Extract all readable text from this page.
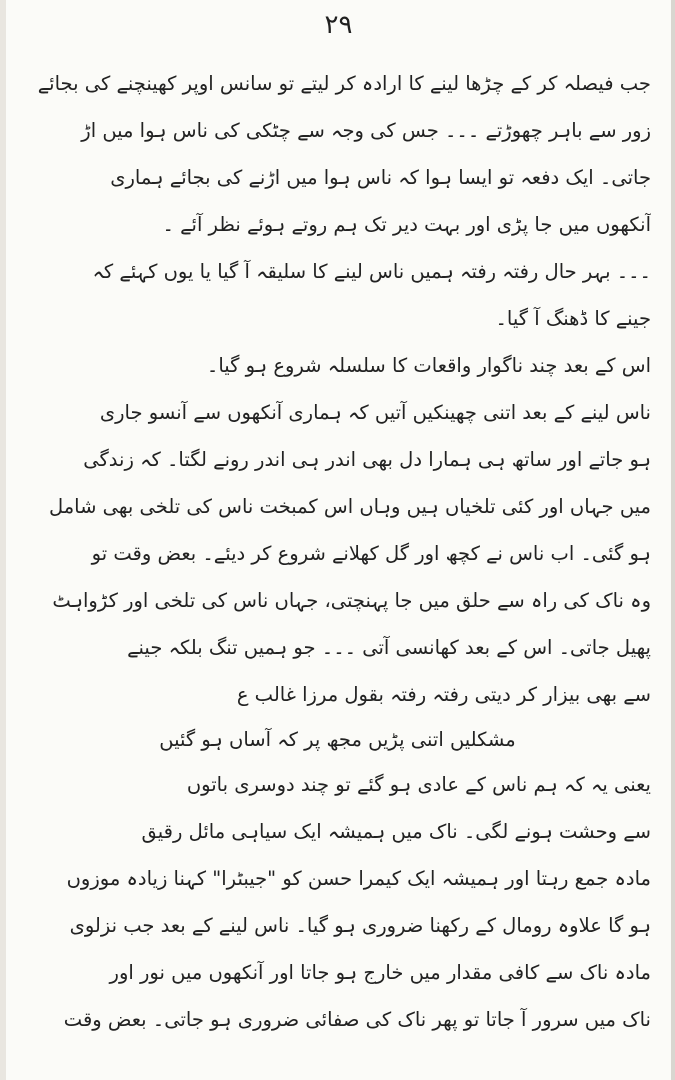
۲۹
جب فیصلہ کر کے چڑھا لینے کا ارادہ کر لیتے تو سانس اوپر کھینچنے کی بجائے
زور سے باہر چھوڑتے ۔۔۔ جس کی وجہ سے چٹکی کی ناس ہوا میں اڑ
جاتی۔ ایک دفعہ تو ایسا ہوا کہ ناس ہوا میں اڑنے کی بجائے ہماری
آنکھوں میں جا پڑی اور بہت دیر تک ہم روتے ہوئے نظر آئے ۔
۔۔۔ بہر حال رفتہ رفتہ ہمیں ناس لینے کا سلیقہ آ گیا یا یوں کہئے کہ
جینے کا ڈھنگ آ گیا۔
اس کے بعد چند ناگوار واقعات کا سلسلہ شروع ہو گیا۔
ناس لینے کے بعد اتنی چھینکیں آتیں کہ ہماری آنکھوں سے آنسو جاری
ہو جاتے اور ساتھ ہی ہمارا دل بھی اندر ہی اندر رونے لگتا۔ کہ زندگی
میں جہاں اور کئی تلخیاں ہیں وہاں اس کمبخت ناس کی تلخی بھی شامل
ہو گئی۔ اب ناس نے کچھ اور گل کھلانے شروع کر دیئے۔ بعض وقت تو
وہ ناک کی راہ سے حلق میں جا پہنچتی، جہاں ناس کی تلخی اور کڑواہٹ
پھیل جاتی۔ اس کے بعد کھانسی آتی ۔۔۔ جو ہمیں تنگ بلکہ جینے
سے بھی بیزار کر دیتی رفتہ رفتہ بقول مرزا غالب ع
مشکلیں اتنی پڑیں مجھ پر کہ آساں ہو گئیں
یعنی یہ کہ ہم ناس کے عادی ہو گئے تو چند دوسری باتوں
سے وحشت ہونے لگی۔ ناک میں ہمیشہ ایک سیاہی مائل رقیق
مادہ جمع رہتا اور ہمیشہ ایک کیمرا حسن کو "جیبٹرا" کہنا زیادہ موزوں
ہو گا علاوہ رومال کے رکھنا ضروری ہو گیا۔ ناس لینے کے بعد جب نزلوی
مادہ ناک سے کافی مقدار میں خارج ہو جاتا اور آنکھوں میں نور اور
ناک میں سرور آ جاتا تو پھر ناک کی صفائی ضروری ہو جاتی۔ بعض وقت
